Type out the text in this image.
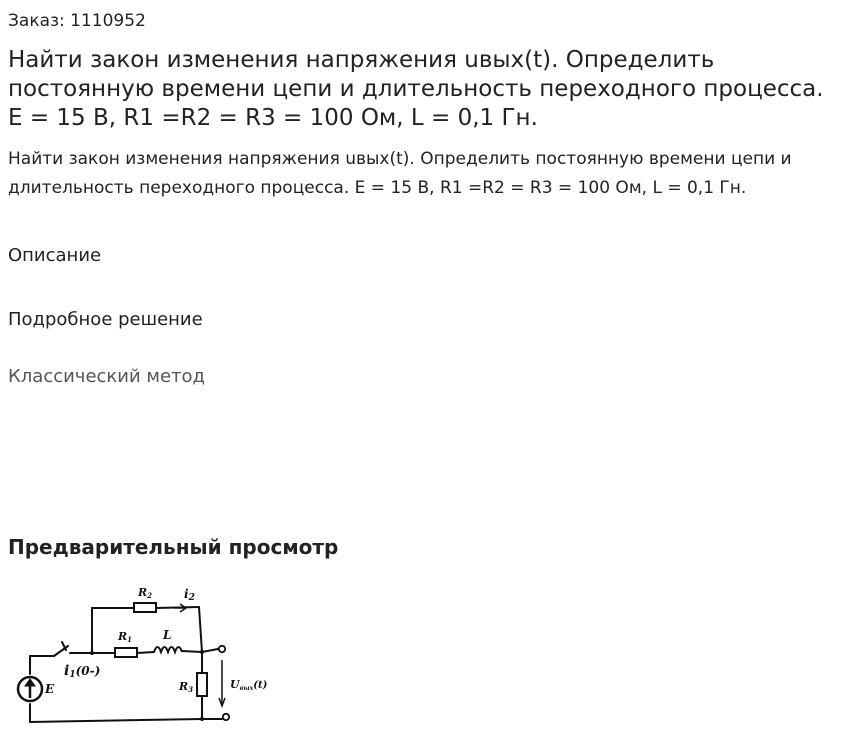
Заказ: 1110952
Найти закон изменения напряжения uвых(t). Определить постоянную времени цепи и длительность переходного процесса. E = 15 В, R1 =R2 = R3 = 100 Ом, L = 0,1 Гн.

Найти закон изменения напряжения uвых(t). Определить постоянную времени цепи и длительность переходного процесса. E = 15 В, R1 =R2 = R3 = 100 Ом, L = 0,1 Гн.

Описание
Подробное решение
Классический метод
Предварительный просмотр
R2
R1	L
R3
E
i2
i1(0-)
Uвых(t)
